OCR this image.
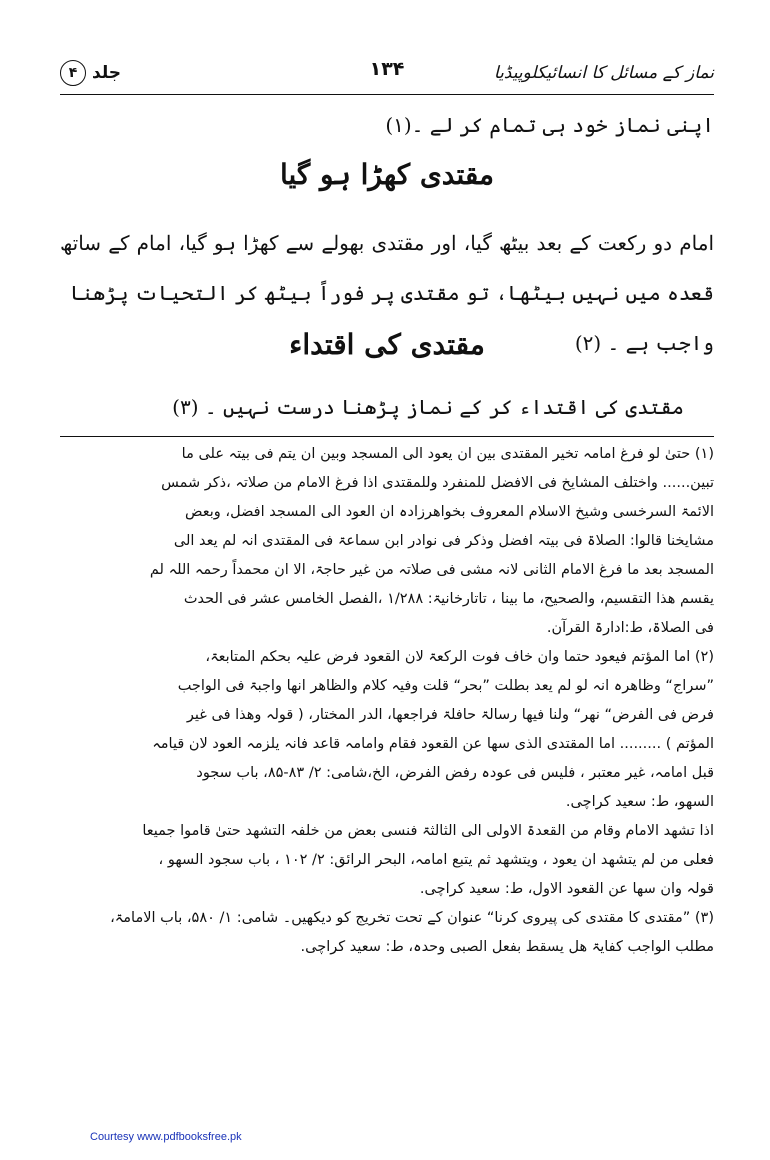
نماز کے مسائل کا انسائیکلوپیڈیا
۱۳۴
جلد
۴
اپنی نماز خود ہی تمام کر لے ۔(۱)
مقتدی کھڑا ہو گیا
امام دو رکعت کے بعد بیٹھ گیا، اور مقتدی بھولے سے کھڑا ہو گیا، امام کے ساتھ
قعدہ میں نہیں بیٹھا، تو مقتدی پر فوراً بیٹھ کر التحیات پڑھنا واجب ہے ۔ (۲)
مقتدی کی اقتداء
مقتدی کی اقتداء کر کے نماز پڑھنا درست نہیں ۔ (۳)
(۱) حتیٰ لو فرغ امامہ تخیر المقتدی بین ان یعود الی المسجد وبین ان یتم فی بیتہ علی ما
تبین...... واختلف المشایخ فی الافضل للمنفرد وللمقتدی اذا فرغ الامام من صلاتہ ،ذکر شمس
الائمۃ السرخسی وشیخ الاسلام المعروف بخواھرزادہ ان العود الی المسجد افضل، وبعض
مشایخنا قالوا: الصلاۃ فی بیتہ افضل وذکر فی نوادر ابن سماعۃ فی المقتدی انہ لم یعد الی
المسجد بعد ما فرغ الامام الثانی لانہ مشی فی صلاتہ من غیر حاجۃ، الا ان محمداً رحمہ اللہ لم
یقسم ھذا التقسیم، والصحیح، ما بینا ، تاتارخانیۃ: ۱/۲۸۸ ،الفصل الخامس عشر فی الحدث
فی الصلاۃ، ط:ادارۃ القرآن.
(۲) اما المؤتم فیعود حتما وان خاف فوت الرکعۃ لان القعود فرض علیہ بحکم المتابعۃ،
”سراج“ وظاھرہ انہ لو لم یعد بطلت ”بحر“ قلت وفیہ کلام والظاھر انھا واجبۃ فی الواجب
فرض فی الفرض“ نھر“ ولنا فیھا رسالۃ حافلۃ فراجعھا، الدر المختار، ( قولہ وھذا فی غیر
المؤتم ) ......... اما المقتدی الذی سھا عن القعود فقام وامامہ قاعد فانہ یلزمہ العود لان قیامہ
قبل امامہ، غیر معتبر ، فلیس فی عودہ رفض الفرض، الخ،شامی: ۲/ ۸۳-۸۵، باب سجود
السھو، ط: سعید کراچی.
اذا تشھد الامام وقام من القعدۃ الاولی الی الثالثۃ فنسی بعض من خلفہ التشھد حتیٰ قاموا جمیعا
فعلی من لم یتشھد ان یعود ، ویتشھد ثم یتبع امامہ، البحر الرائق: ۲/ ۱۰۲ ، باب سجود السھو ،
قولہ وان سھا عن القعود الاول، ط: سعید کراچی.
(۳) ”مقتدی کا مقتدی کی پیروی کرنا“ عنوان کے تحت تخریج کو دیکھیں۔ شامی: ۱/ ۵۸۰، باب الامامۃ،
مطلب الواجب کفایۃ ھل یسقط بفعل الصبی وحدہ، ط: سعید کراچی.
Courtesy www.pdfbooksfree.pk
